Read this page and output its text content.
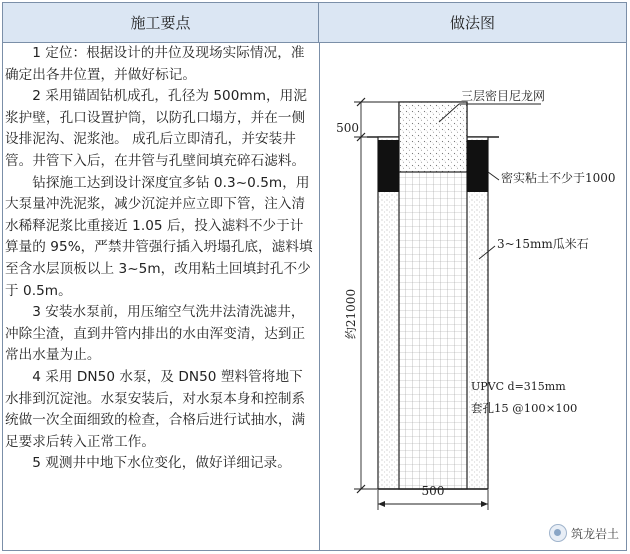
施工要点	做法图

1 定位：根据设计的井位及现场实际情况，准确定出各井位置，并做好标记。

2 采用锚固钻机成孔，孔径为 500mm，用泥浆护壁，孔口设置护筒，以防孔口塌方，并在一侧设排泥沟、泥浆池。 成孔后立即清孔，并安装井管。井管下入后，在井管与孔壁间填充碎石滤料。

钻探施工达到设计深度宜多钻 0.3~0.5m，用大泵量冲洗泥浆，减少沉淀并应立即下管，注入清水稀释泥浆比重接近 1.05 后，投入滤料不少于计算量的 95%，严禁井管强行插入坍塌孔底，滤料填至含水层顶板以上 3~5m，改用粘土回填封孔不少于 0.5m。

3 安装水泵前，用压缩空气洗井法清洗滤井，冲除尘渣，直到井管内排出的水由浑变清，达到正常出水量为止。

4 采用 DN50 水泵，及 DN50 塑料管将地下水排到沉淀池。水泵安装后，对水泵本身和控制系统做一次全面细致的检查，合格后进行试抽水，满足要求后转入正常工作。

5 观测井中地下水位变化，做好详细记录。

500
约21000
500
三层密目尼龙网
密实粘土不少于1000
3~15mm瓜米石
UPVC d=315mm
套孔15 @100×100
筑龙岩土
